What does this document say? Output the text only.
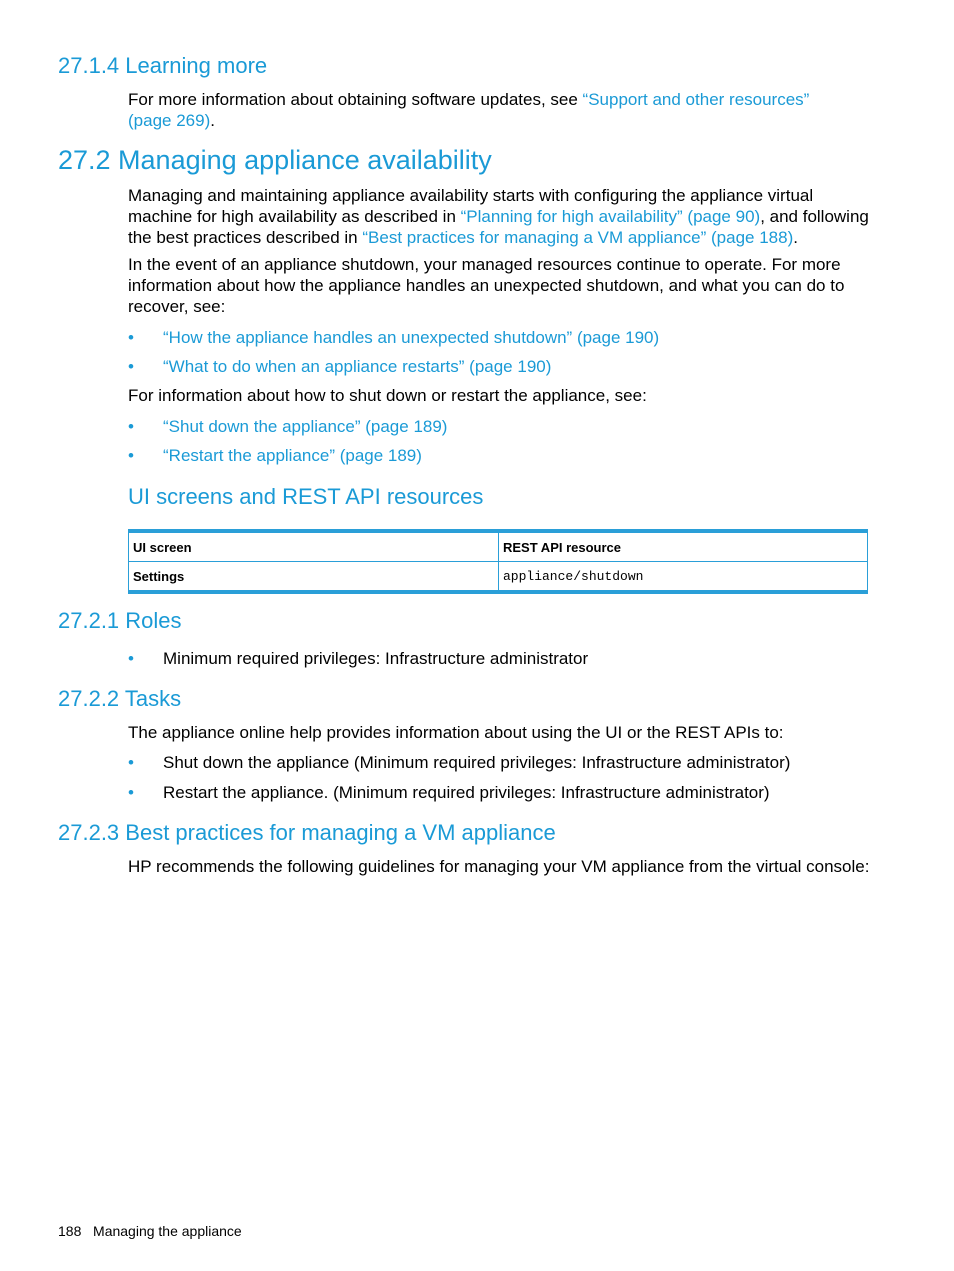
27.1.4 Learning more
For more information about obtaining software updates, see “Support and other resources” (page 269).
27.2 Managing appliance availability
Managing and maintaining appliance availability starts with configuring the appliance virtual machine for high availability as described in “Planning for high availability” (page 90), and following the best practices described in “Best practices for managing a VM appliance” (page 188).
In the event of an appliance shutdown, your managed resources continue to operate. For more information about how the appliance handles an unexpected shutdown, and what you can do to recover, see:
• “How the appliance handles an unexpected shutdown” (page 190)
• “What to do when an appliance restarts” (page 190)
For information about how to shut down or restart the appliance, see:
• “Shut down the appliance” (page 189)
• “Restart the appliance” (page 189)
UI screens and REST API resources
UI screen	REST API resource
Settings	appliance/shutdown
27.2.1 Roles
• Minimum required privileges: Infrastructure administrator
27.2.2 Tasks
The appliance online help provides information about using the UI or the REST APIs to:
• Shut down the appliance (Minimum required privileges: Infrastructure administrator)
• Restart the appliance. (Minimum required privileges: Infrastructure administrator)
27.2.3 Best practices for managing a VM appliance
HP recommends the following guidelines for managing your VM appliance from the virtual console:
188 Managing the appliance
